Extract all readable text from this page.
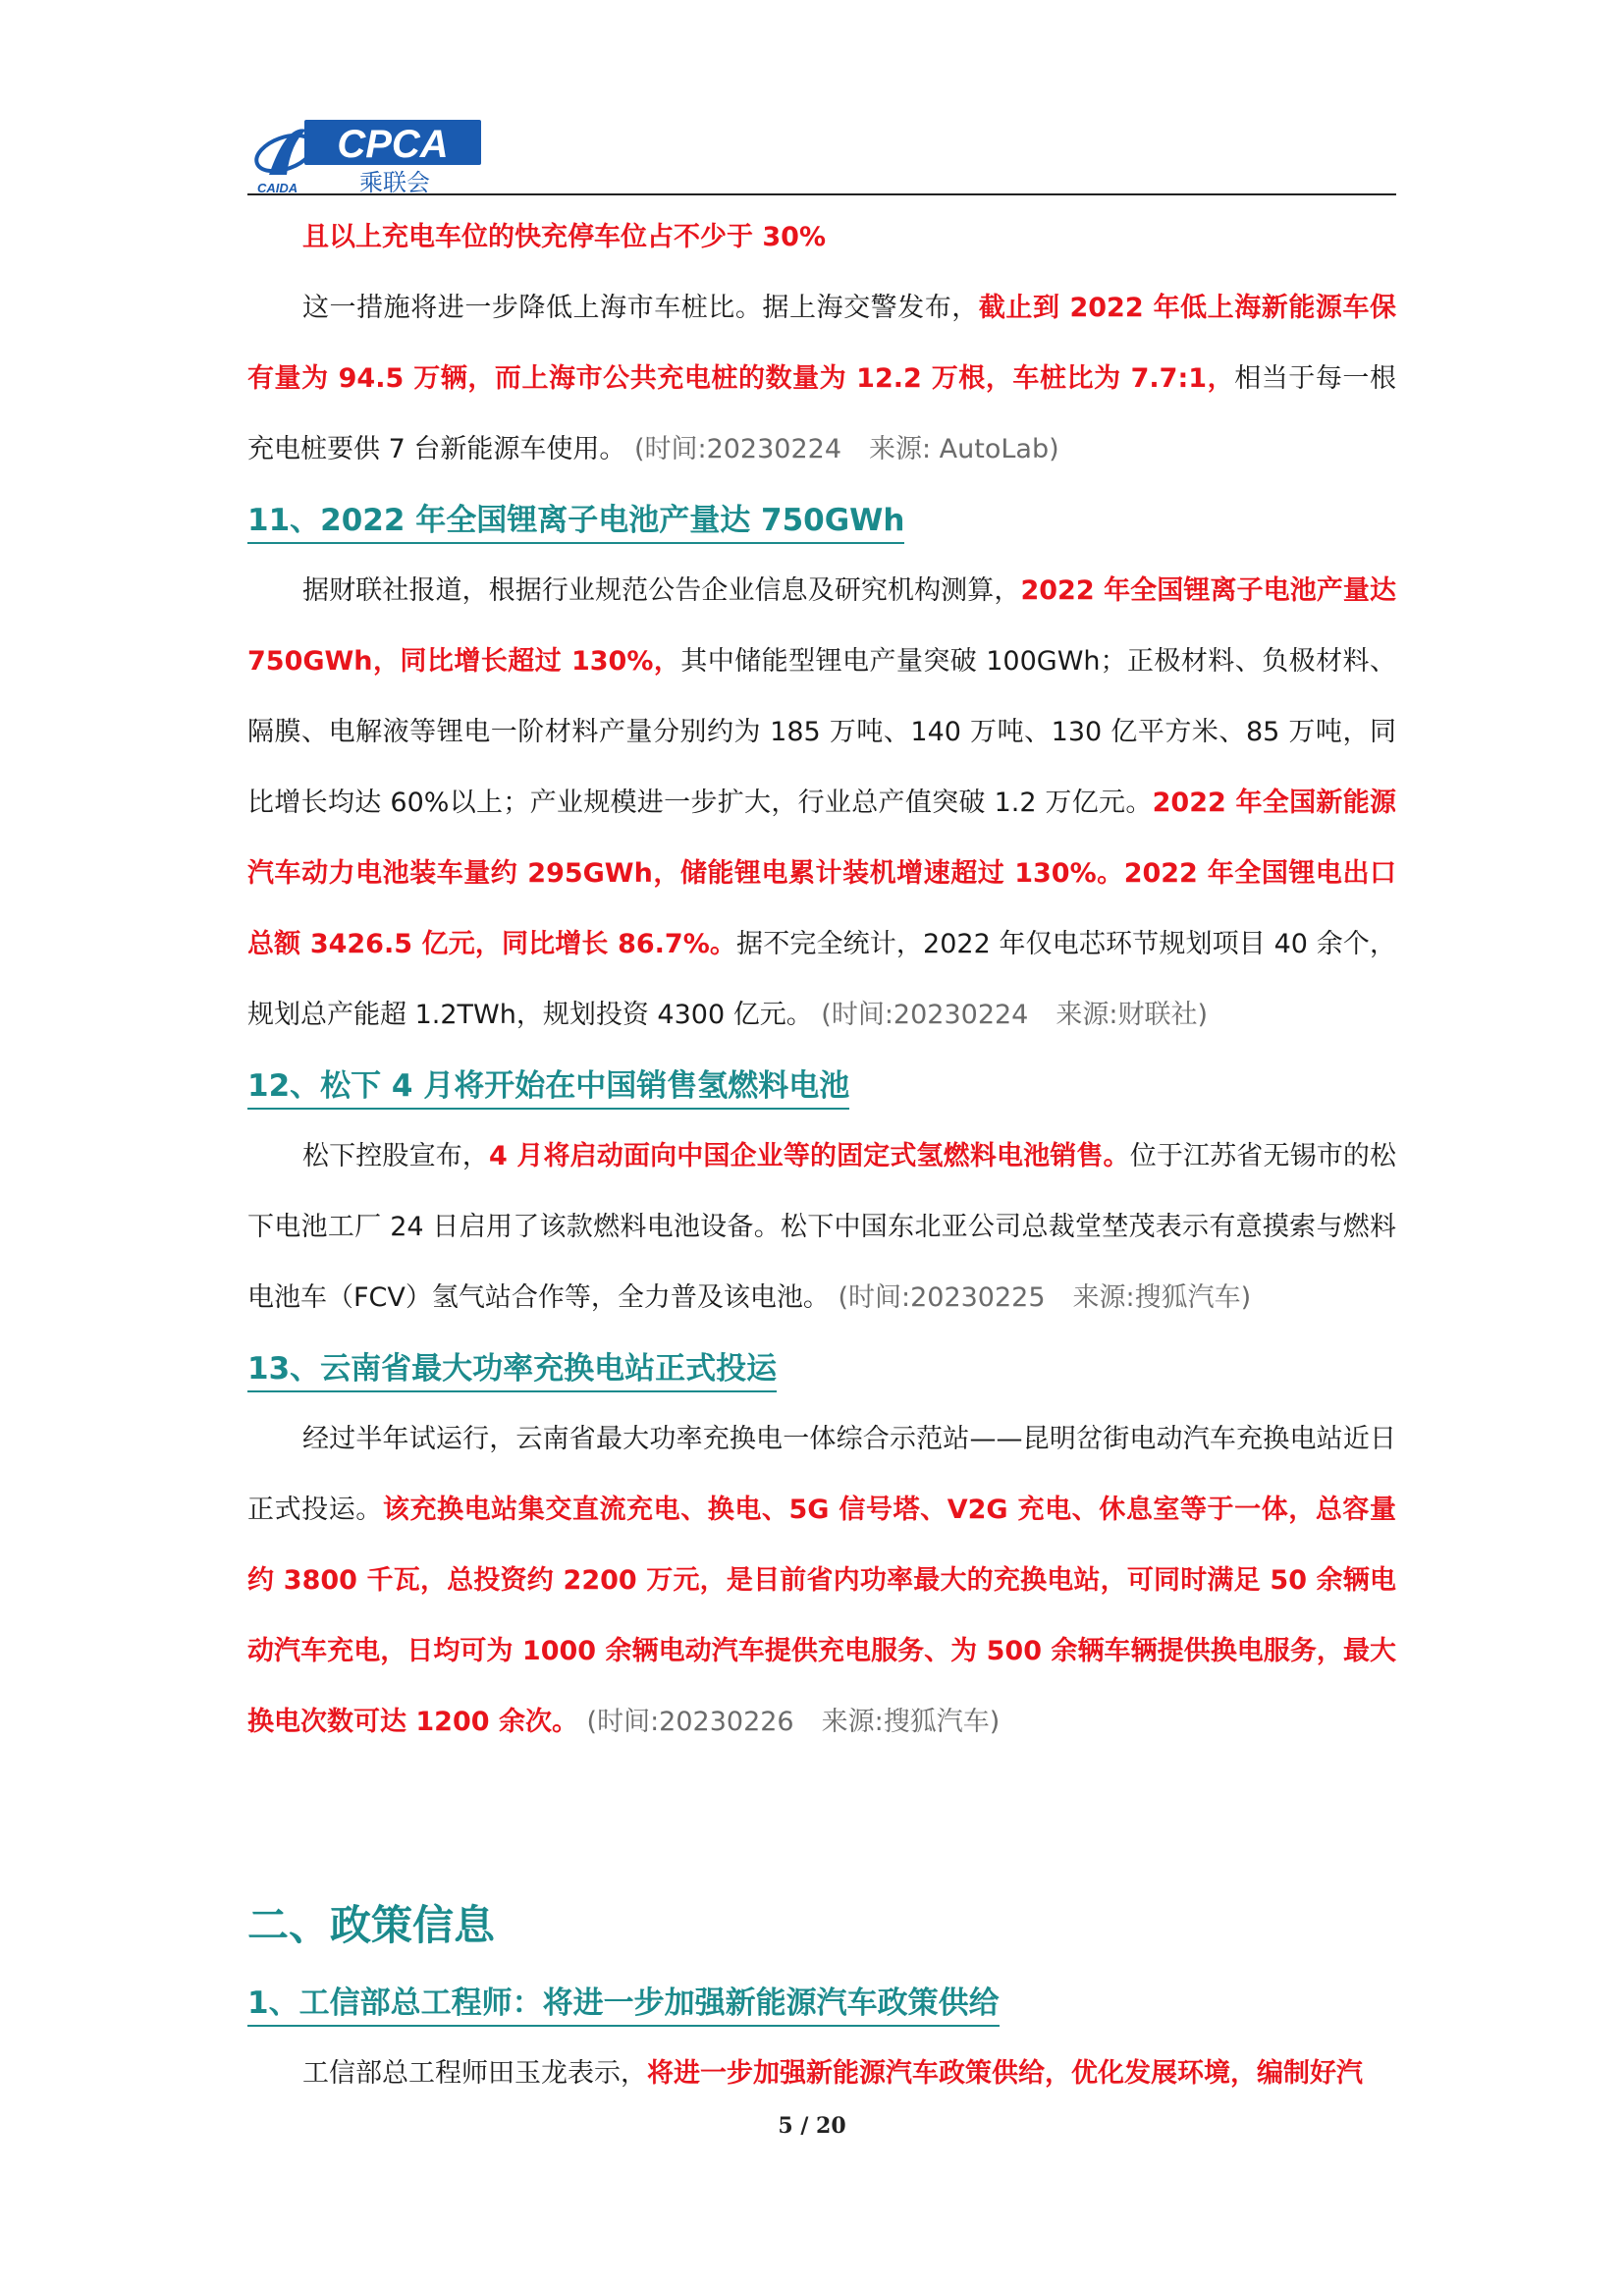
CPCA
乘联会
CAIDA

且以上充电车位的快充停车位占不少于 30%

这一措施将进一步降低上海市车桩比。据上海交警发布，截止到 2022 年低上海新能源车保有量为 94.5 万辆，而上海市公共充电桩的数量为 12.2 万根，车桩比为 7.7:1，相当于每一根充电桩要供 7 台新能源车使用。 (时间:20230224 来源: AutoLab)

11、2022 年全国锂离子电池产量达 750GWh

据财联社报道，根据行业规范公告企业信息及研究机构测算，2022 年全国锂离子电池产量达 750GWh，同比增长超过 130%，其中储能型锂电产量突破 100GWh；正极材料、负极材料、隔膜、电解液等锂电一阶材料产量分别约为 185 万吨、140 万吨、130 亿平方米、85 万吨，同比增长均达 60%以上；产业规模进一步扩大，行业总产值突破 1.2 万亿元。2022 年全国新能源汽车动力电池装车量约 295GWh，储能锂电累计装机增速超过 130%。2022 年全国锂电出口总额 3426.5 亿元，同比增长 86.7%。据不完全统计，2022 年仅电芯环节规划项目 40 余个，规划总产能超 1.2TWh，规划投资 4300 亿元。 (时间:20230224 来源:财联社)

12、松下 4 月将开始在中国销售氢燃料电池

松下控股宣布，4 月将启动面向中国企业等的固定式氢燃料电池销售。位于江苏省无锡市的松下电池工厂 24 日启用了该款燃料电池设备。松下中国东北亚公司总裁堂埜茂表示有意摸索与燃料电池车（FCV）氢气站合作等，全力普及该电池。 (时间:20230225 来源:搜狐汽车)

13、云南省最大功率充换电站正式投运

经过半年试运行，云南省最大功率充换电一体综合示范站——昆明岔街电动汽车充换电站近日正式投运。该充换电站集交直流充电、换电、5G 信号塔、V2G 充电、休息室等于一体，总容量约 3800 千瓦，总投资约 2200 万元，是目前省内功率最大的充换电站，可同时满足 50 余辆电动汽车充电，日均可为 1000 余辆电动汽车提供充电服务、为 500 余辆车辆提供换电服务，最大换电次数可达 1200 余次。 (时间:20230226 来源:搜狐汽车)

二、政策信息
1、工信部总工程师：将进一步加强新能源汽车政策供给

工信部总工程师田玉龙表示，将进一步加强新能源汽车政策供给，优化发展环境，编制好汽

5 / 20
